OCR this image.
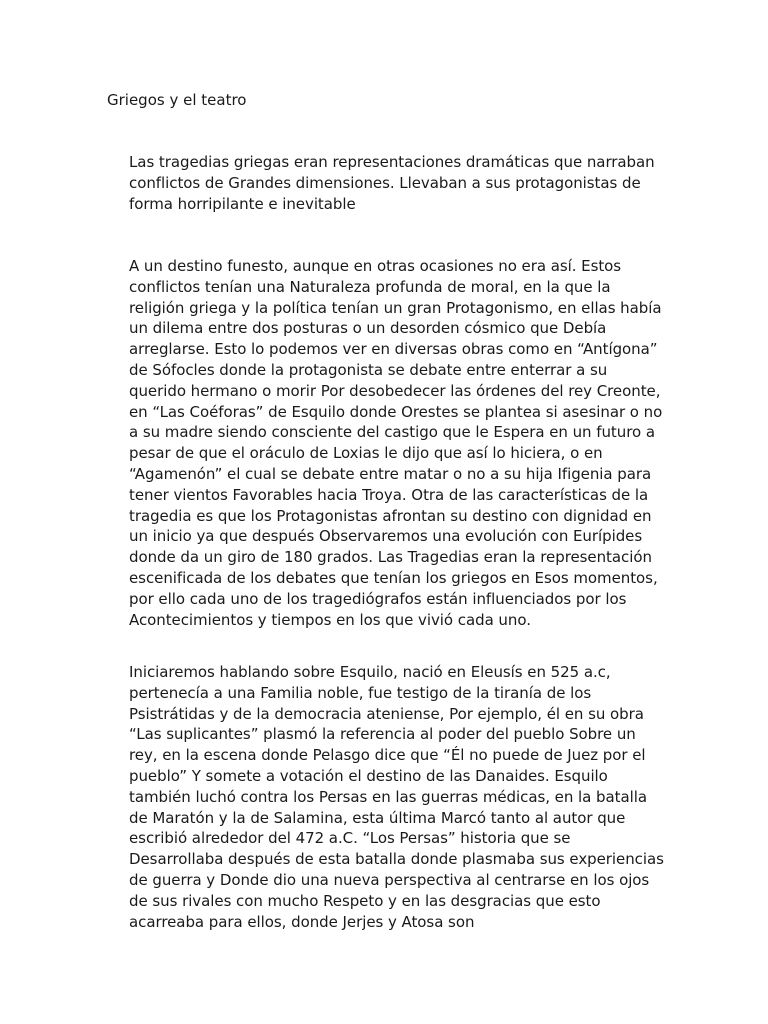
Griegos y el teatro

Las tragedias griegas eran representaciones dramáticas que narraban conflictos de Grandes dimensiones. Llevaban a sus protagonistas de forma horripilante e inevitable

A un destino funesto, aunque en otras ocasiones no era así. Estos conflictos tenían una Naturaleza profunda de moral, en la que la religión griega y la política tenían un gran Protagonismo, en ellas había un dilema entre dos posturas o un desorden cósmico que Debía arreglarse. Esto lo podemos ver en diversas obras como en “Antígona” de Sófocles donde la protagonista se debate entre enterrar a su querido hermano o morir Por desobedecer las órdenes del rey Creonte, en “Las Coéforas” de Esquilo donde Orestes se plantea si asesinar o no a su madre siendo consciente del castigo que le Espera en un futuro a pesar de que el oráculo de Loxias le dijo que así lo hiciera, o en “Agamenón” el cual se debate entre matar o no a su hija Ifigenia para tener vientos Favorables hacia Troya. Otra de las características de la tragedia es que los Protagonistas afrontan su destino con dignidad en un inicio ya que después Observaremos una evolución con Eurípides donde da un giro de 180 grados. Las Tragedias eran la representación escenificada de los debates que tenían los griegos en Esos momentos, por ello cada uno de los tragediógrafos están influenciados por los Acontecimientos y tiempos en los que vivió cada uno.

Iniciaremos hablando sobre Esquilo, nació en Eleusís en 525 a.c, pertenecía a una Familia noble, fue testigo de la tiranía de los Psistrátidas y de la democracia ateniense, Por ejemplo, él en su obra “Las suplicantes” plasmó la referencia al poder del pueblo Sobre un rey, en la escena donde Pelasgo dice que “Él no puede de Juez por el pueblo” Y somete a votación el destino de las Danaides. Esquilo también luchó contra los Persas en las guerras médicas, en la batalla de Maratón y la de Salamina, esta última Marcó tanto al autor que escribió alrededor del 472 a.C. “Los Persas” historia que se Desarrollaba después de esta batalla donde plasmaba sus experiencias de guerra y Donde dio una nueva perspectiva al centrarse en los ojos de sus rivales con mucho Respeto y en las desgracias que esto acarreaba para ellos, donde Jerjes y Atosa son
